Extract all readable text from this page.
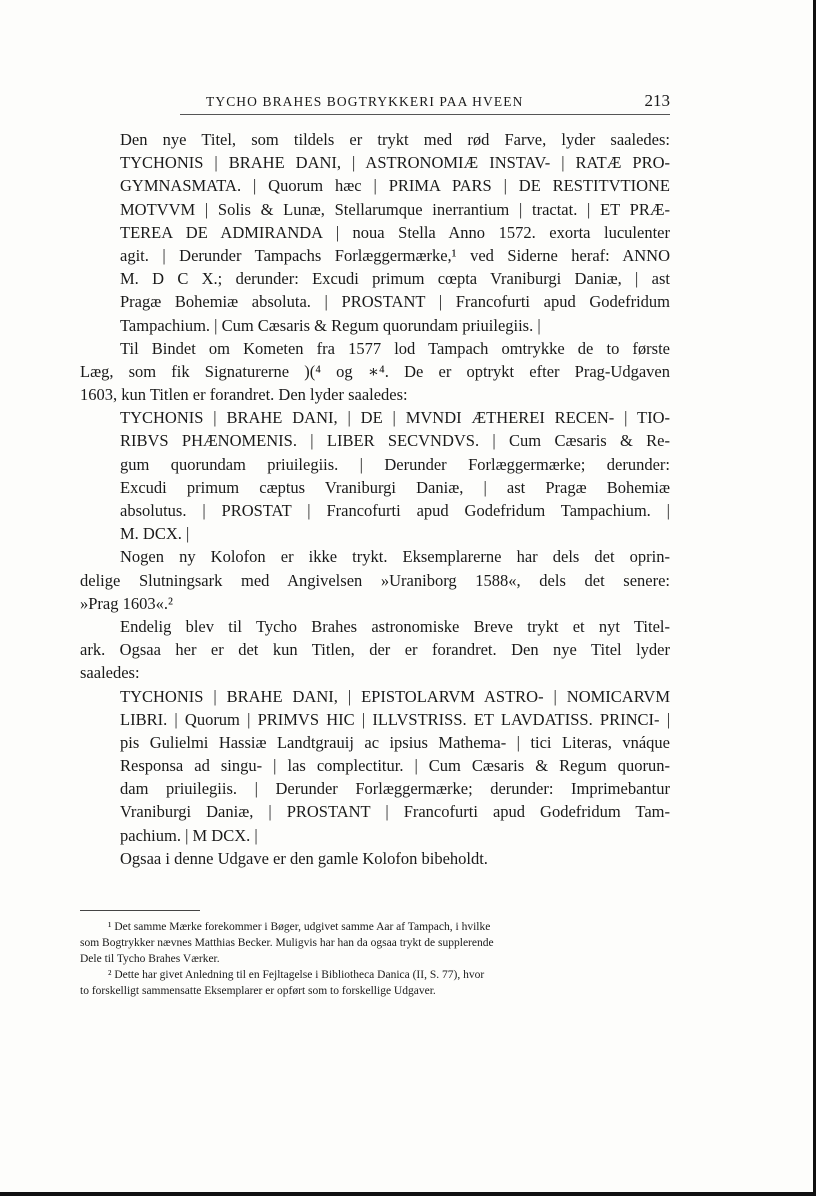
TYCHO BRAHES BOGTRYKKERI PAA HVEEN	213
Den nye Titel, som tildels er trykt med rød Farve, lyder saaledes:
TYCHONIS | BRAHE DANI, | ASTRONOMIÆ INSTAV- | RATÆ PRO-
GYMNASMATA. | Quorum hæc | PRIMA PARS | DE RESTITVTIONE
MOTVVM | Solis & Lunæ, Stellarumque inerrantium | tractat. | ET PRÆ-
TEREA DE ADMIRANDA | noua Stella Anno 1572. exorta luculenter
agit. | Derunder Tampachs Forlæggermærke,¹ ved Siderne heraf: ANNO
M. D C X.; derunder: Excudi primum cœpta Vraniburgi Daniæ, | ast
Pragæ Bohemiæ absoluta. | PROSTANT | Francofurti apud Godefridum
Tampachium. | Cum Cæsaris & Regum quorundam priuilegiis. |
Til Bindet om Kometen fra 1577 lod Tampach omtrykke de to første
Læg, som fik Signaturerne )(⁴ og ∗⁴. De er optrykt efter Prag-Udgaven
1603, kun Titlen er forandret. Den lyder saaledes:
TYCHONIS | BRAHE DANI, | DE | MVNDI ÆTHEREI RECEN- | TIO-
RIBVS PHÆNOMENIS. | LIBER SECVNDVS. | Cum Cæsaris & Re-
gum quorundam priuilegiis. | Derunder Forlæggermærke; derunder:
Excudi primum cæptus Vraniburgi Daniæ, | ast Pragæ Bohemiæ
absolutus. | PROSTAT | Francofurti apud Godefridum Tampachium. |
M. DCX. |
Nogen ny Kolofon er ikke trykt. Eksemplarerne har dels det oprin-
delige Slutningsark med Angivelsen »Uraniborg 1588«, dels det senere:
»Prag 1603«.²
Endelig blev til Tycho Brahes astronomiske Breve trykt et nyt Titel-
ark. Ogsaa her er det kun Titlen, der er forandret. Den nye Titel lyder
saaledes:
TYCHONIS | BRAHE DANI, | EPISTOLARVM ASTRO- | NOMICARVM
LIBRI. | Quorum | PRIMVS HIC | ILLVSTRISS. ET LAVDATISS. PRINCI- |
pis Gulielmi Hassiæ Landtgrauij ac ipsius Mathema- | tici Literas, vnáque
Responsa ad singu- | las complectitur. | Cum Cæsaris & Regum quorun-
dam priuilegiis. | Derunder Forlæggermærke; derunder: Imprimebantur
Vraniburgi Daniæ, | PROSTANT | Francofurti apud Godefridum Tam-
pachium. | M DCX. |
Ogsaa i denne Udgave er den gamle Kolofon bibeholdt.
¹ Det samme Mærke forekommer i Bøger, udgivet samme Aar af Tampach, i hvilke
som Bogtrykker nævnes Matthias Becker. Muligvis har han da ogsaa trykt de supplerende
Dele til Tycho Brahes Værker.
² Dette har givet Anledning til en Fejltagelse i Bibliotheca Danica (II, S. 77), hvor
to forskelligt sammensatte Eksemplarer er opført som to forskellige Udgaver.
